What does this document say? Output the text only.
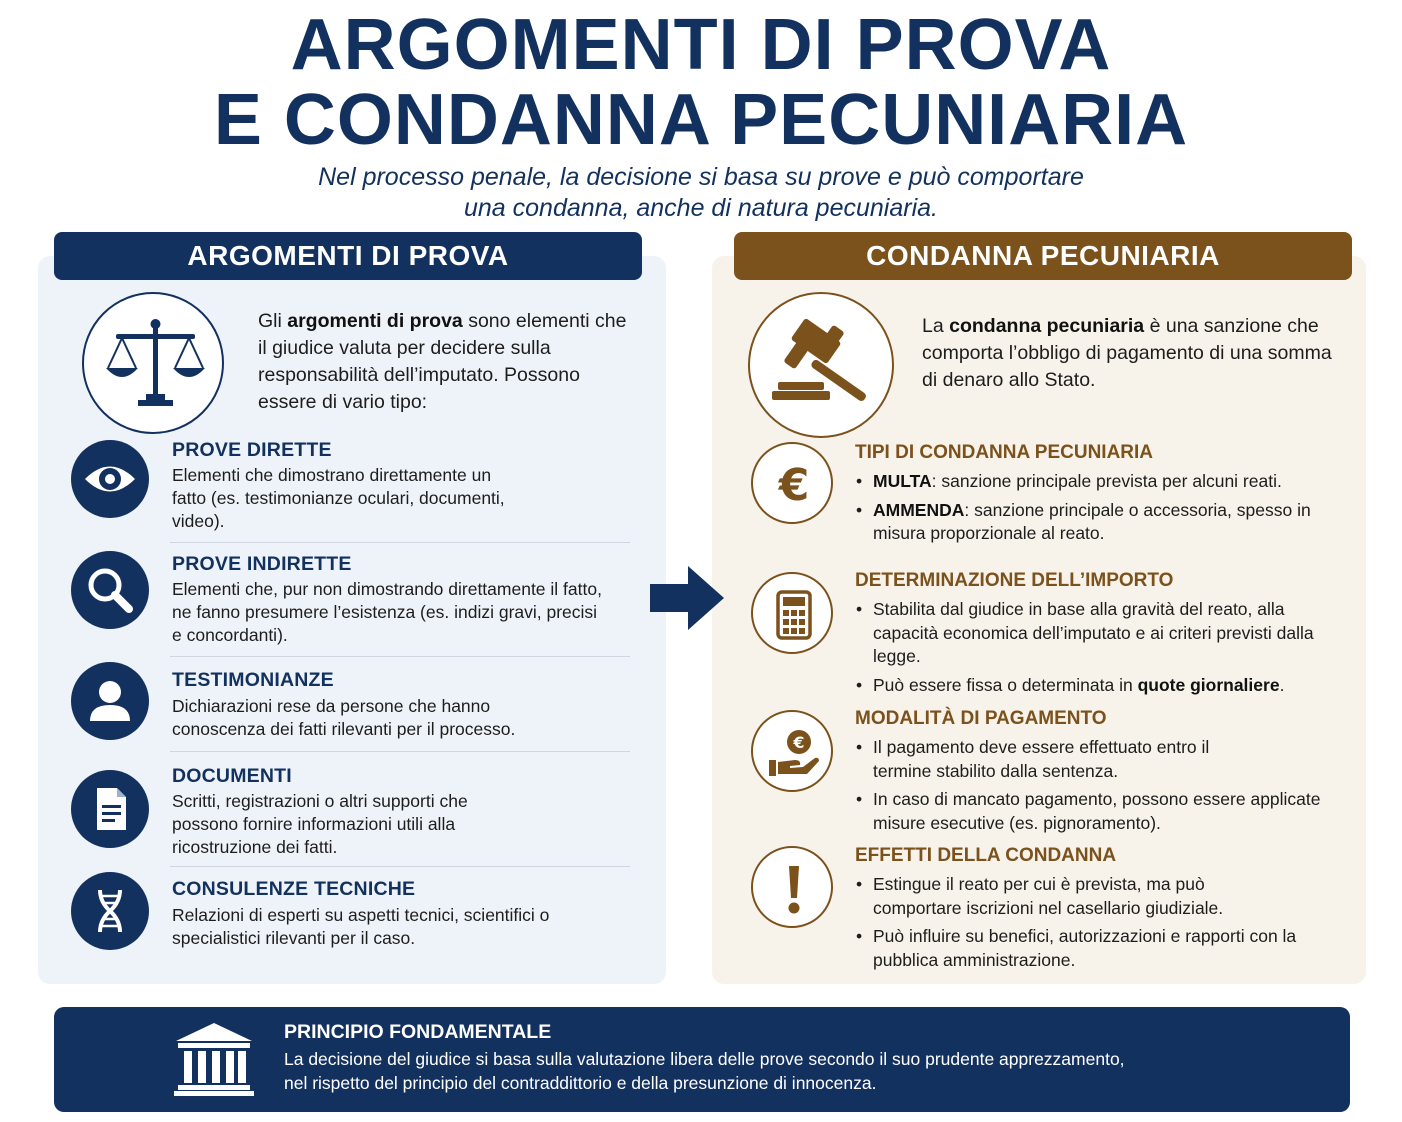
ARGOMENTI DI PROVA
E CONDANNA PECUNIARIA
Nel processo penale, la decisione si basa su prove e può comportare
una condanna, anche di natura pecuniaria.
ARGOMENTI DI PROVA	CONDANNA PECUNIARIA
Gli argomenti di prova sono elementi che il giudice valuta per decidere sulla responsabilità dell’imputato. Possono essere di vario tipo:
PROVE DIRETTE
Elementi che dimostrano direttamente un fatto (es. testimonianze oculari, documenti, video).
PROVE INDIRETTE
Elementi che, pur non dimostrando direttamente il fatto, ne fanno presumere l’esistenza (es. indizi gravi, precisi e concordanti).
TESTIMONIANZE
Dichiarazioni rese da persone che hanno conoscenza dei fatti rilevanti per il processo.
DOCUMENTI
Scritti, registrazioni o altri supporti che possono fornire informazioni utili alla ricostruzione dei fatti.
CONSULENZE TECNICHE
Relazioni di esperti su aspetti tecnici, scientifici o specialistici rilevanti per il caso.
La condanna pecuniaria è una sanzione che comporta l’obbligo di pagamento di una somma di denaro allo Stato.
€
TIPI DI CONDANNA PECUNIARIA
• MULTA: sanzione principale prevista per alcuni reati.
• AMMENDA: sanzione principale o accessoria, spesso in misura proporzionale al reato.
DETERMINAZIONE DELL’IMPORTO
• Stabilita dal giudice in base alla gravità del reato, alla capacità economica dell’imputato e ai criteri previsti dalla legge.
• Può essere fissa o determinata in quote giornaliere.
€
MODALITÀ DI PAGAMENTO
• Il pagamento deve essere effettuato entro il termine stabilito dalla sentenza.
• In caso di mancato pagamento, possono essere applicate misure esecutive (es. pignoramento).
EFFETTI DELLA CONDANNA
• Estingue il reato per cui è prevista, ma può comportare iscrizioni nel casellario giudiziale.
• Può influire su benefici, autorizzazioni e rapporti con la pubblica amministrazione.
PRINCIPIO FONDAMENTALE
La decisione del giudice si basa sulla valutazione libera delle prove secondo il suo prudente apprezzamento,
nel rispetto del principio del contraddittorio e della presunzione di innocenza.
